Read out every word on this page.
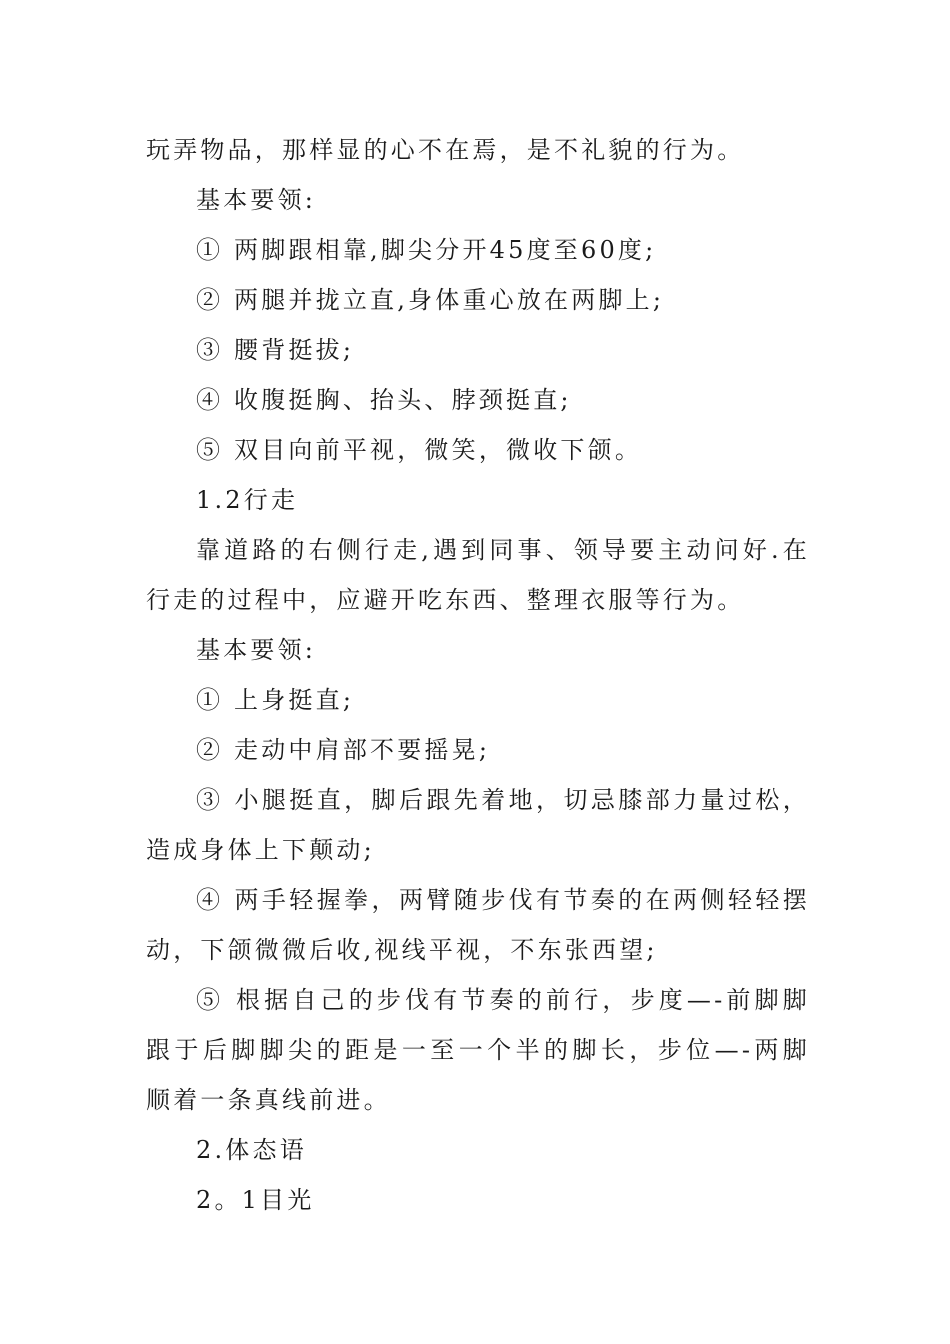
玩弄物品，那样显的心不在焉，是不礼貌的行为。
基本要领:
① 两脚跟相靠,脚尖分开45度至60度;
② 两腿并拢立直,身体重心放在两脚上;
③ 腰背挺拔;
④ 收腹挺胸、抬头、脖颈挺直;
⑤ 双目向前平视，微笑，微收下颌。
1.2行走
靠道路的右侧行走,遇到同事、领导要主动问好.在行走的过程中，应避开吃东西、整理衣服等行为。
基本要领:
① 上身挺直;
② 走动中肩部不要摇晃;
③ 小腿挺直，脚后跟先着地，切忌膝部力量过松，造成身体上下颠动;
④ 两手轻握拳，两臂随步伐有节奏的在两侧轻轻摆动，下颌微微后收,视线平视，不东张西望;
⑤ 根据自己的步伐有节奏的前行，步度—-前脚脚跟于后脚脚尖的距是一至一个半的脚长，步位—-两脚顺着一条真线前进。
2.体态语
2。1目光
